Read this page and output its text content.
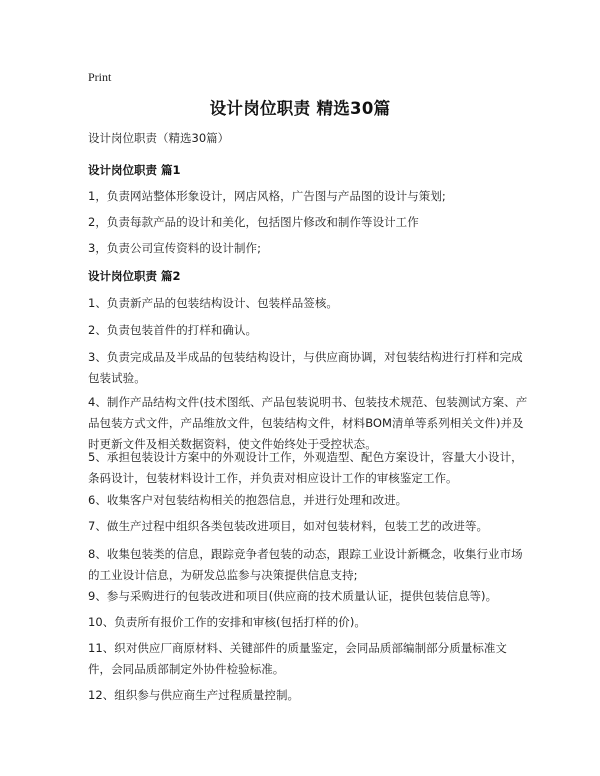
Print
设计岗位职责 精选30篇
设计岗位职责（精选30篇）
设计岗位职责 篇1
1，负责网站整体形象设计，网店风格，广告图与产品图的设计与策划;
2，负责每款产品的设计和美化，包括图片修改和制作等设计工作
3，负责公司宣传资料的设计制作;
设计岗位职责 篇2
1、负责新产品的包装结构设计、包装样品签核。
2、负责包装首件的打样和确认。
3、负责完成品及半成品的包装结构设计，与供应商协调，对包装结构进行打样和完成包装试验。
4、制作产品结构文件(技术图纸、产品包装说明书、包装技术规范、包装测试方案、产品包装方式文件，产品维放文件，包装结构文件，材料BOM清单等系列相关文件)并及时更新文件及相关数据资料，使文件始终处于受控状态。
5、承担包装设计方案中的外观设计工作，外观造型、配色方案设计，容量大小设计，条码设计，包装材料设计工作，并负责对相应设计工作的审核鉴定工作。
6、收集客户对包装结构相关的抱怨信息，并进行处理和改进。
7、做生产过程中组织各类包装改进项目，如对包装材料，包装工艺的改进等。
8、收集包装类的信息，跟踪竞争者包装的动态，跟踪工业设计新概念，收集行业市场的工业设计信息，为研发总监参与决策提供信息支持;
9、参与采购进行的包装改进和项目(供应商的技术质量认证，提供包装信息等)。
10、负责所有报价工作的安排和审核(包括打样的价)。
11、织对供应厂商原材料、关键部件的质量鉴定，会同品质部编制部分质量标准文件，会同品质部制定外协件检验标准。
12、组织参与供应商生产过程质量控制。
